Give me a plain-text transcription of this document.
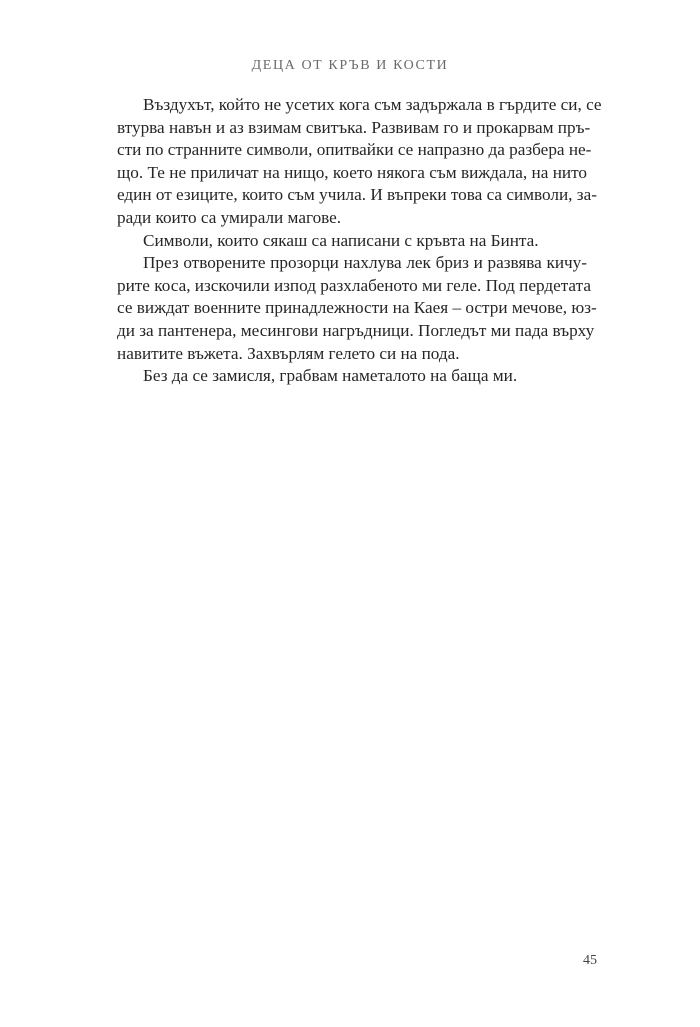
ДЕЦА ОТ КРЪВ И КОСТИ
Въздухът, който не усетих кога съм задържала в гърдите си, се
втурва навън и аз взимам свитъка. Развивам го и прокарвам пръ-
сти по странните символи, опитвайки се напразно да разбера не-
що. Те не приличат на нищо, което някога съм виждала, на нито
един от езиците, които съм учила. И въпреки това са символи, за-
ради които са умирали магове.
Символи, които сякаш са написани с кръвта на Бинта.
През отворените прозорци нахлува лек бриз и развява кичу-
рите коса, изскочили изпод разхлабеното ми геле. Под пердетата
се виждат военните принадлежности на Каея – остри мечове, юз-
ди за пантенера, месингови нагръдници. Погледът ми пада върху
навитите въжета. Захвърлям гелето си на пода.
Без да се замисля, грабвам наметалото на баща ми.
45
